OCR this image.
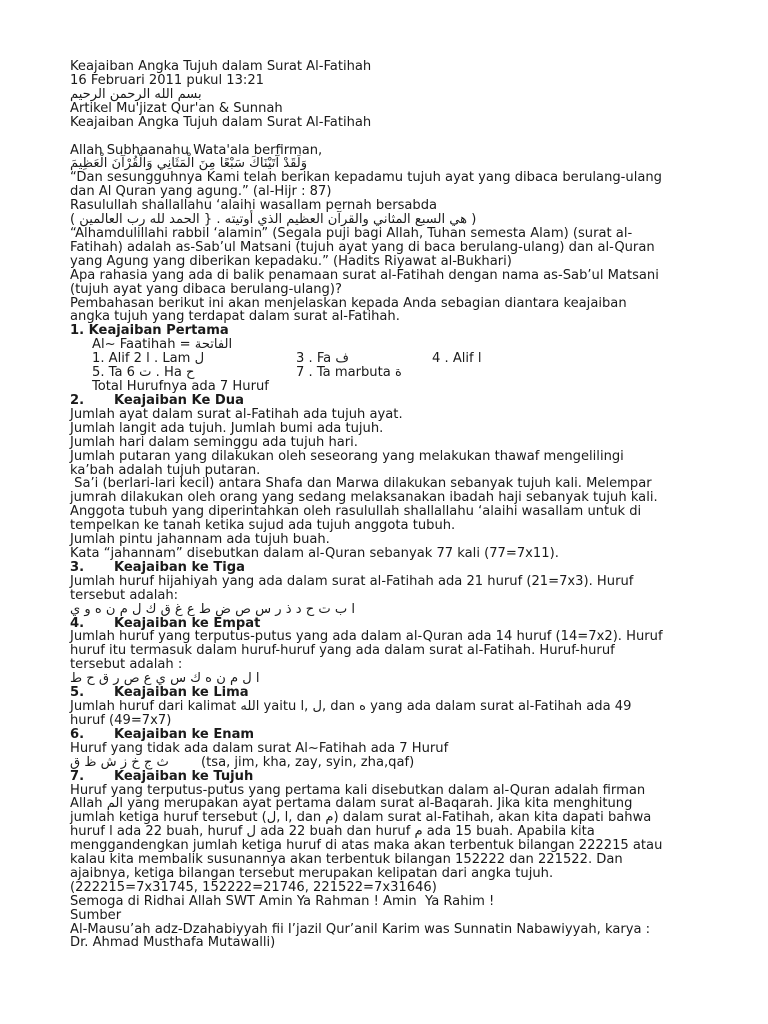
Keajaiban Angka Tujuh dalam Surat Al-Fatihah
16 Februari 2011 pukul 13:21
بسم الله الرحمن الرحيم
Artikel Mu'jizat Qur'an & Sunnah
Keajaiban Angka Tujuh dalam Surat Al-Fatihah
Allah Subhaanahu Wata'ala berfirman,
وَلَقَدْ آتَيْنَاكَ سَبْعًا مِنَ الْمَثَانِي وَالْقُرْآنَ الْعَظِيمَ
“Dan sesungguhnya Kami telah berikan kepadamu tujuh ayat yang dibaca berulang-ulang
dan Al Quran yang agung.” (al-Hijr : 87)
Rasulullah shallallahu ‘alaihi wasallam pernah bersabda
( هي السبع المثاني والقرآن العظيم الذي أوتيته . { الحمد لله رب العالمين )
“Alhamdulillahi rabbil ‘alamin” (Segala puji bagi Allah, Tuhan semesta Alam) (surat al-
Fatihah) adalah as-Sab’ul Matsani (tujuh ayat yang di baca berulang-ulang) dan al-Quran
yang Agung yang diberikan kepadaku.” (Hadits Riyawat al-Bukhari)
Apa rahasia yang ada di balik penamaan surat al-Fatihah dengan nama as-Sab’ul Matsani
(tujuh ayat yang dibaca berulang-ulang)?
Pembahasan berikut ini akan menjelaskan kepada Anda sebagian diantara keajaiban
angka tujuh yang terdapat dalam surat al-Fatihah.
1. Keajaiban Pertama
Al~ Faatihah = الفاتحة
1. Alif ا 2 . Lam ل	3 . Fa ف	4 . Alif ا
5. Ta ت 6 . Ha ح	7 . Ta marbuta ة
Total Hurufnya ada 7 Huruf
2. Keajaiban Ke Dua
Jumlah ayat dalam surat al-Fatihah ada tujuh ayat.
Jumlah langit ada tujuh. Jumlah bumi ada tujuh.
Jumlah hari dalam seminggu ada tujuh hari.
Jumlah putaran yang dilakukan oleh seseorang yang melakukan thawaf mengelilingi
ka’bah adalah tujuh putaran.
Sa’i (berlari-lari kecil) antara Shafa dan Marwa dilakukan sebanyak tujuh kali. Melempar
jumrah dilakukan oleh orang yang sedang melaksanakan ibadah haji sebanyak tujuh kali.
Anggota tubuh yang diperintahkan oleh rasulullah shallallahu ‘alaihi wasallam untuk di
tempelkan ke tanah ketika sujud ada tujuh anggota tubuh.
Jumlah pintu jahannam ada tujuh buah.
Kata “jahannam” disebutkan dalam al-Quran sebanyak 77 kali (77=7x11).
3. Keajaiban ke Tiga
Jumlah huruf hijahiyah yang ada dalam surat al-Fatihah ada 21 huruf (21=7x3). Huruf
tersebut adalah:
ا ب ت ح د ذ ر س ص ض ط ع غ ق ك ل م ن ه و ي
4. Keajaiban ke Empat
Jumlah huruf yang terputus-putus yang ada dalam al-Quran ada 14 huruf (14=7x2). Huruf
huruf itu termasuk dalam huruf-huruf yang ada dalam surat al-Fatihah. Huruf-huruf
tersebut adalah :
ا ل م ن ه ك س ي ع ص ر ق ح ط
5. Keajaiban ke Lima
Jumlah huruf dari kalimat الله yaitu ل ,ا, dan ه yang ada dalam surat al-Fatihah ada 49
huruf (49=7x7)
6. Keajaiban ke Enam
Huruf yang tidak ada dalam surat Al~Fatihah ada 7 Huruf
ث ج خ ز ش ظ ق (tsa, jim, kha, zay, syin, zha,qaf)
7. Keajaiban ke Tujuh
Huruf yang terputus-putus yang pertama kali disebutkan dalam al-Quran adalah firman
Allah الم yang merupakan ayat pertama dalam surat al-Baqarah. Jika kita menghitung
jumlah ketiga huruf tersebut (ا ,ل, dan م) dalam surat al-Fatihah, akan kita dapati bahwa
huruf ا ada 22 buah, huruf ل ada 22 buah dan huruf م ada 15 buah. Apabila kita
menggandengkan jumlah ketiga huruf di atas maka akan terbentuk bilangan 222215 atau
kalau kita membalik susunannya akan terbentuk bilangan 152222 dan 221522. Dan
ajaibnya, ketiga bilangan tersebut merupakan kelipatan dari angka tujuh.
(222215=7x31745, 152222=21746, 221522=7x31646)
Semoga di Ridhai Allah SWT Amin Ya Rahman ! Amin  Ya Rahim !
Sumber
Al-Mausu’ah adz-Dzahabiyyah fii I’jazil Qur’anil Karim was Sunnatin Nabawiyyah, karya :
Dr. Ahmad Musthafa Mutawalli)
